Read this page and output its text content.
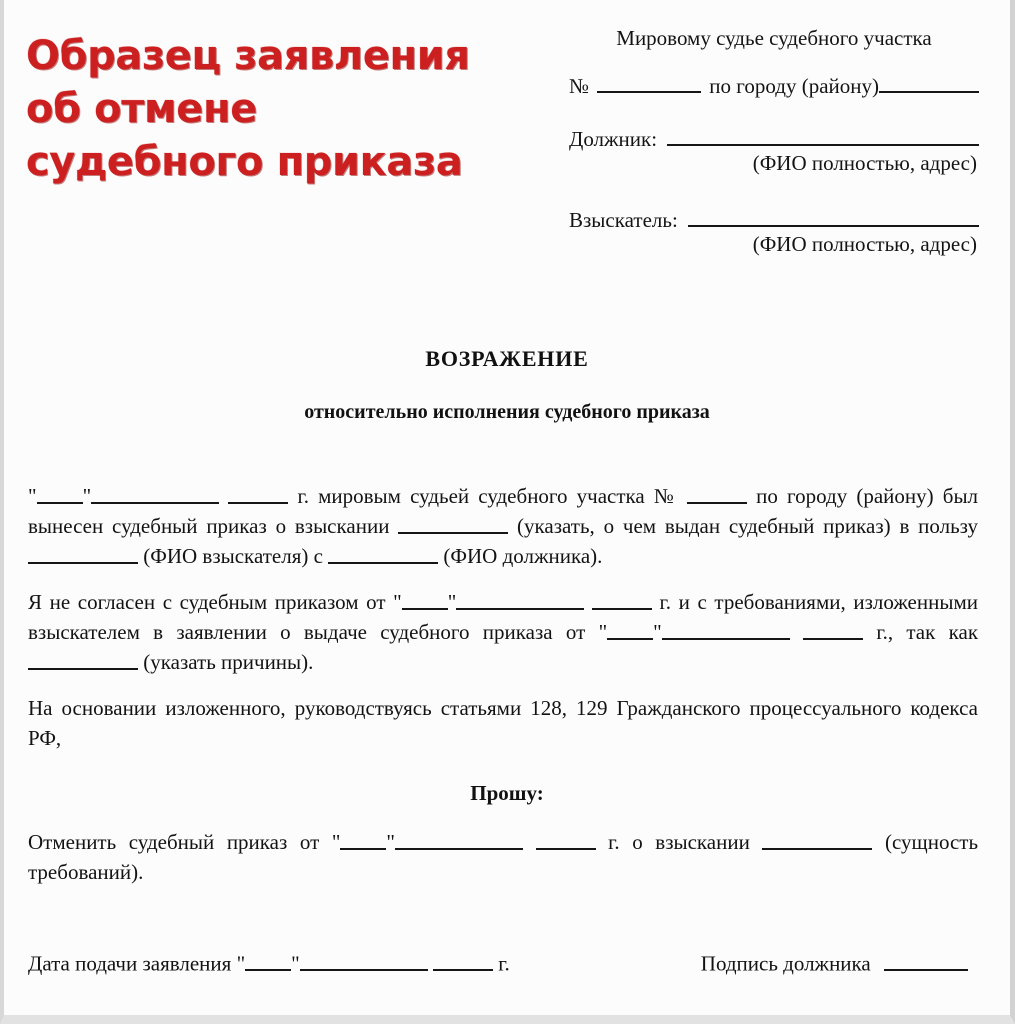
Образец заявления
об отмене
судебного приказа
Мировому судье судебного участка
№	по городу (району)
Должник:
(ФИО полностью, адрес)
Взыскатель:
(ФИО полностью, адрес)
ВОЗРАЖЕНИЕ
относительно исполнения судебного приказа

" "	г. мировым судьей судебного участка №	по городу (району) был вынесен судебный приказ о взыскании	(указать, о чем выдан судебный приказ) в пользу  (ФИО взыскателя) с	(ФИО должника).

Я не согласен с судебным приказом от " "	г. и с требованиями, изложенными взыскателем в заявлении о выдаче судебного приказа от " "	г., так как  (указать причины).

На основании изложенного, руководствуясь статьями 128, 129 Гражданского процессуального кодекса РФ,

Прошу:

Отменить судебный приказ от " "	г. о взыскании	(сущность требований).

Дата подачи заявления " "	г.	Подпись должника
